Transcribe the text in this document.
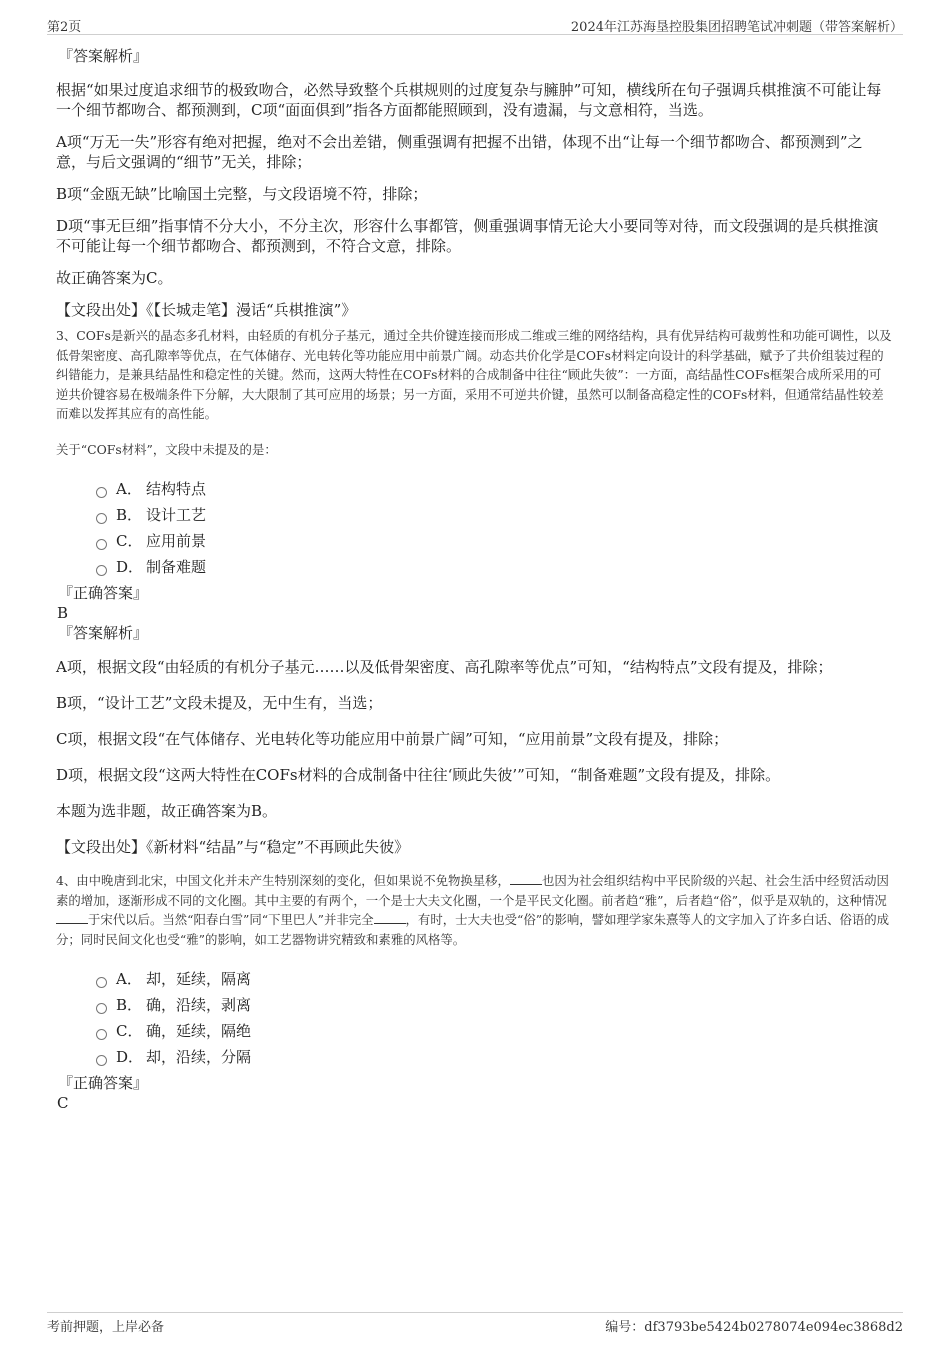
第2页	2024年江苏海垦控股集团招聘笔试冲刺题（带答案解析）

『答案解析』

根据“如果过度追求细节的极致吻合，必然导致整个兵棋规则的过度复杂与臃肿”可知，横线所在句子强调兵棋推演不可能让每一个细节都吻合、都预测到，C项“面面俱到”指各方面都能照顾到，没有遗漏，与文意相符，当选。

A项“万无一失”形容有绝对把握，绝对不会出差错，侧重强调有把握不出错，体现不出“让每一个细节都吻合、都预测到”之意，与后文强调的“细节”无关，排除；

B项“金瓯无缺”比喻国土完整，与文段语境不符，排除；

D项“事无巨细”指事情不分大小，不分主次，形容什么事都管，侧重强调事情无论大小要同等对待，而文段强调的是兵棋推演不可能让每一个细节都吻合、都预测到，不符合文意，排除。

故正确答案为C。

【文段出处】《【长城走笔】漫话“兵棋推演”》

3、COFs是新兴的晶态多孔材料，由轻质的有机分子基元，通过全共价键连接而形成二维或三维的网络结构，具有优异结构可裁剪性和功能可调性，以及低骨架密度、高孔隙率等优点，在气体储存、光电转化等功能应用中前景广阔。动态共价化学是COFs材料定向设计的科学基础，赋予了共价组装过程的纠错能力，是兼具结晶性和稳定性的关键。然而，这两大特性在COFs材料的合成制备中往往“顾此失彼”：一方面，高结晶性COFs框架合成所采用的可逆共价键容易在极端条件下分解，大大限制了其可应用的场景；另一方面，采用不可逆共价键，虽然可以制备高稳定性的COFs材料，但通常结晶性较差而难以发挥其应有的高性能。

关于“COFs材料”，文段中未提及的是：

A． 结构特点
B． 设计工艺
C． 应用前景
D． 制备难题

『正确答案』

B

『答案解析』

A项，根据文段“由轻质的有机分子基元……以及低骨架密度、高孔隙率等优点”可知，“结构特点”文段有提及，排除；

B项，“设计工艺”文段未提及，无中生有，当选；

C项，根据文段“在气体储存、光电转化等功能应用中前景广阔”可知，“应用前景”文段有提及，排除；

D项，根据文段“这两大特性在COFs材料的合成制备中往往‘顾此失彼’”可知，“制备难题”文段有提及，排除。

本题为选非题，故正确答案为B。

【文段出处】《新材料“结晶”与“稳定”不再顾此失彼》

4、由中晚唐到北宋，中国文化并未产生特别深刻的变化，但如果说不免物换星移，	也因为社会组织结构中平民阶级的兴起、社会生活中经贸活动因素的增加，逐渐形成不同的文化圈。其中主要的有两个，一个是士大夫文化圈，一个是平民文化圈。前者趋“雅”，后者趋“俗”，似乎是双轨的，这种情况于宋代以后。当然“阳春白雪”同“下里巴人”并非完全	，有时，士大夫也受“俗”的影响，譬如理学家朱熹等人的文字加入了许多白话、俗语的成分；同时民间文化也受“雅”的影响，如工艺器物讲究精致和素雅的风格等。

A． 却，延续，隔离
B． 确，沿续，剥离
C． 确，延续，隔绝
D． 却，沿续，分隔

『正确答案』

C

考前押题，上岸必备	编号：df3793be5424b0278074e094ec3868d2
